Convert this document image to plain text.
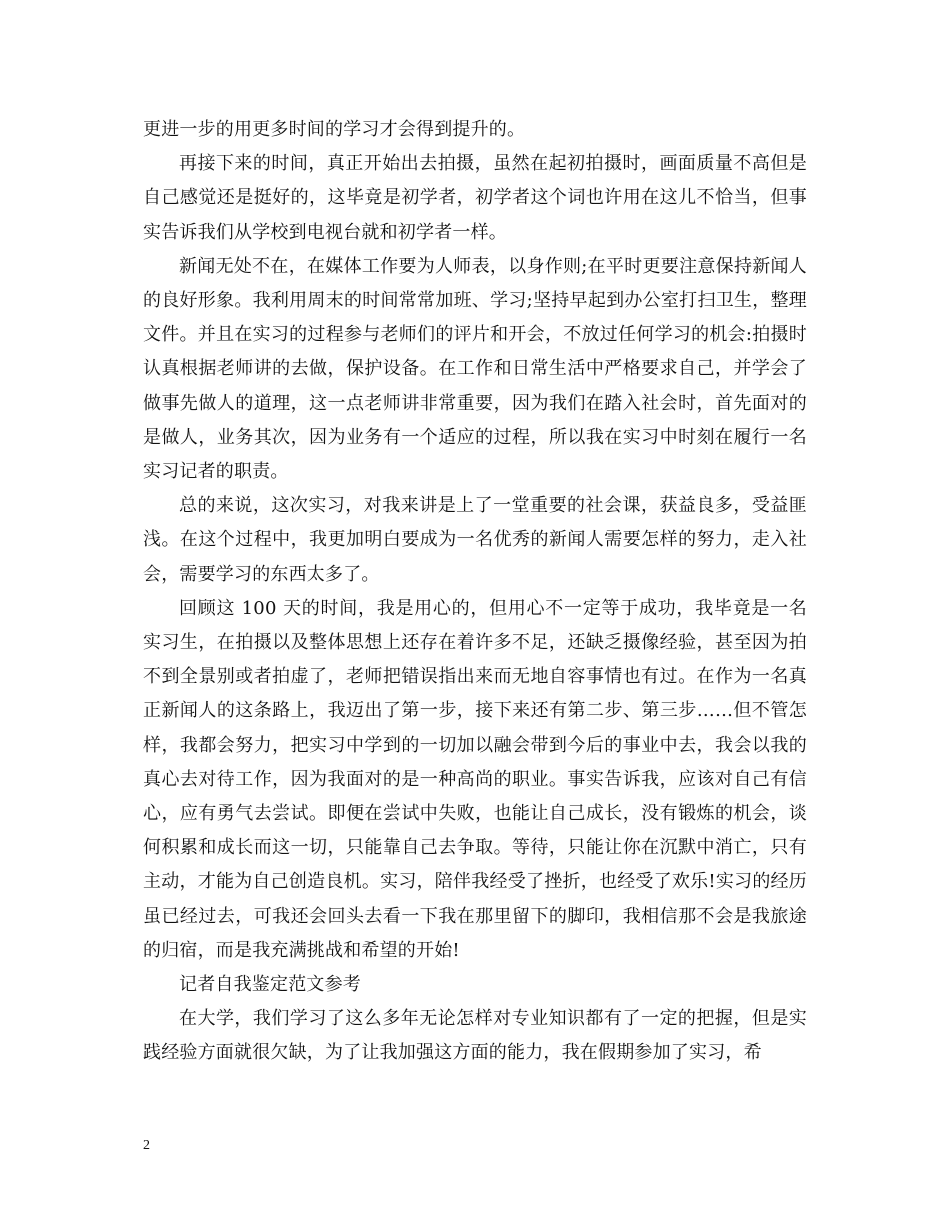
更进一步的用更多时间的学习才会得到提升的。

再接下来的时间，真正开始出去拍摄，虽然在起初拍摄时，画面质量不高但是自己感觉还是挺好的，这毕竟是初学者，初学者这个词也许用在这儿不恰当，但事实告诉我们从学校到电视台就和初学者一样。

新闻无处不在，在媒体工作要为人师表，以身作则;在平时更要注意保持新闻人的良好形象。我利用周末的时间常常加班、学习;坚持早起到办公室打扫卫生，整理文件。并且在实习的过程参与老师们的评片和开会，不放过任何学习的机会:拍摄时认真根据老师讲的去做，保护设备。在工作和日常生活中严格要求自己，并学会了做事先做人的道理，这一点老师讲非常重要，因为我们在踏入社会时，首先面对的是做人，业务其次，因为业务有一个适应的过程，所以我在实习中时刻在履行一名实习记者的职责。

总的来说，这次实习，对我来讲是上了一堂重要的社会课，获益良多，受益匪浅。在这个过程中，我更加明白要成为一名优秀的新闻人需要怎样的努力，走入社会，需要学习的东西太多了。

回顾这 100 天的时间，我是用心的，但用心不一定等于成功，我毕竟是一名实习生，在拍摄以及整体思想上还存在着许多不足，还缺乏摄像经验，甚至因为拍不到全景别或者拍虚了，老师把错误指出来而无地自容事情也有过。在作为一名真正新闻人的这条路上，我迈出了第一步，接下来还有第二步、第三步……但不管怎样，我都会努力，把实习中学到的一切加以融会带到今后的事业中去，我会以我的真心去对待工作，因为我面对的是一种高尚的职业。事实告诉我，应该对自己有信心，应有勇气去尝试。即便在尝试中失败，也能让自己成长，没有锻炼的机会，谈何积累和成长而这一切，只能靠自己去争取。等待，只能让你在沉默中消亡，只有主动，才能为自己创造良机。实习，陪伴我经受了挫折，也经受了欢乐!实习的经历虽已经过去，可我还会回头去看一下我在那里留下的脚印，我相信那不会是我旅途的归宿，而是我充满挑战和希望的开始!

记者自我鉴定范文参考

在大学，我们学习了这么多年无论怎样对专业知识都有了一定的把握，但是实践经验方面就很欠缺，为了让我加强这方面的能力，我在假期参加了实习，希

2
